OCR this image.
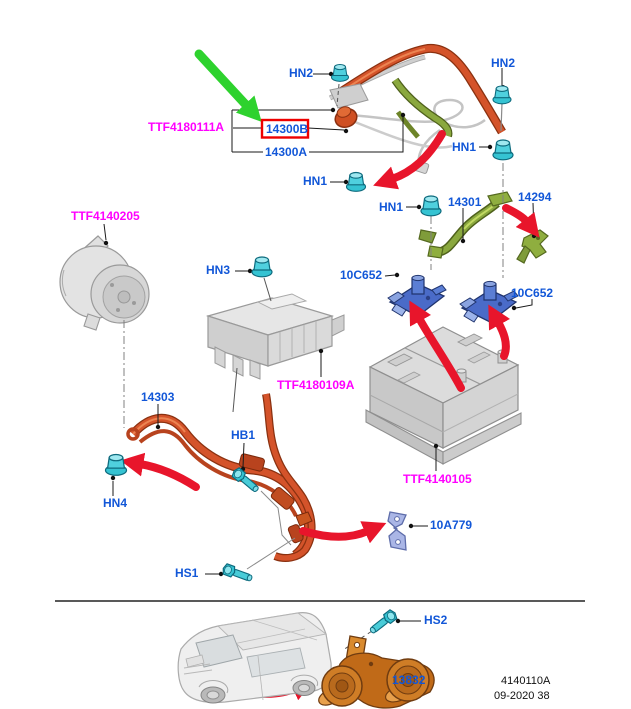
HN2
HN2
TTF4180111A	14300B
14300A
HN1
HN1
HN1	14301	14294
TTF4140205
HN3	10C652
10C652
TTF4180109A
14303
HB1
HN4
TTF4140105
10A779
HS1
HS2
13832	4140110A
09-2020 38
